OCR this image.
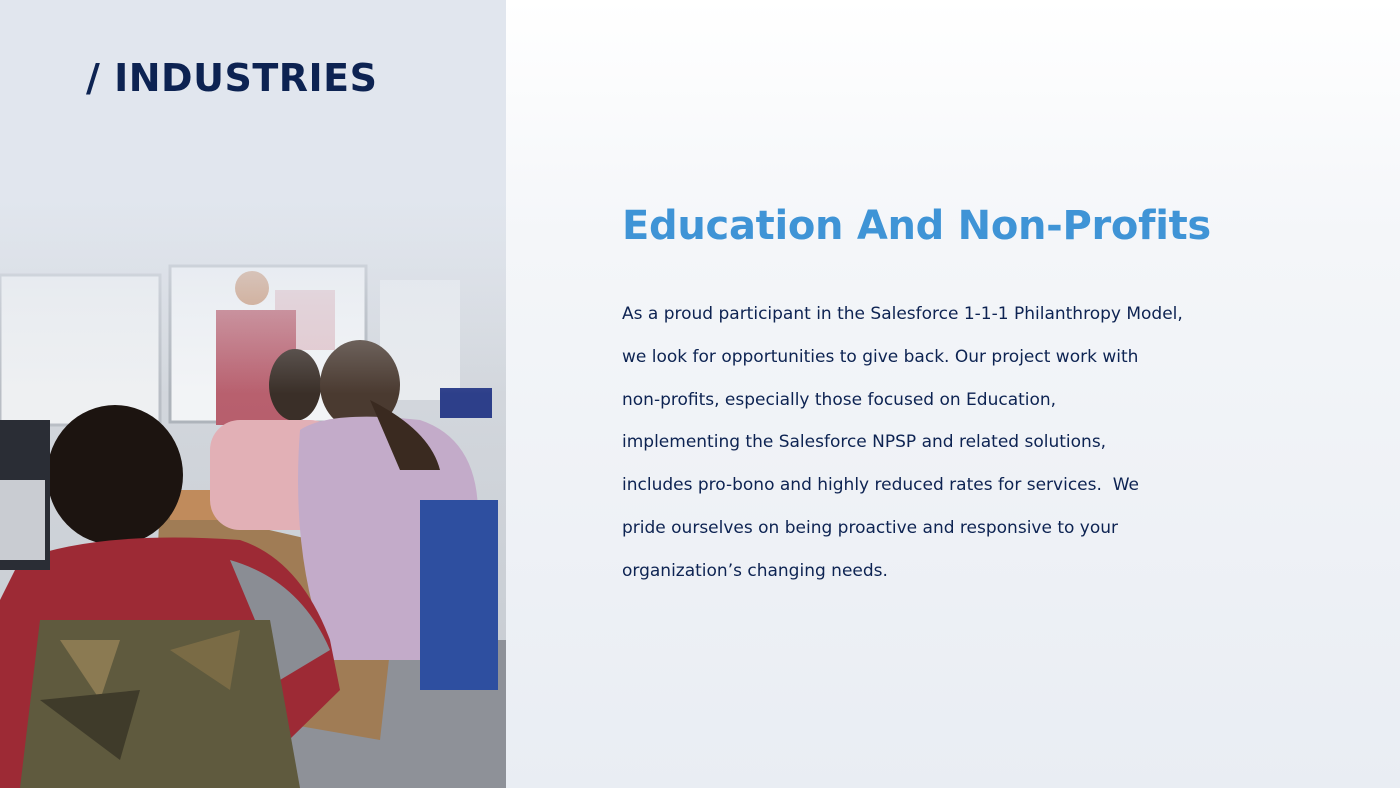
/ INDUSTRIES
Education And Non-Profits

As a proud participant in the Salesforce 1-1-1 Philanthropy Model,

we look for opportunities to give back. Our project work with

non-profits, especially those focused on Education,

implementing the Salesforce NPSP and related solutions,

includes pro-bono and highly reduced rates for services.  We

pride ourselves on being proactive and responsive to your

organization’s changing needs.
